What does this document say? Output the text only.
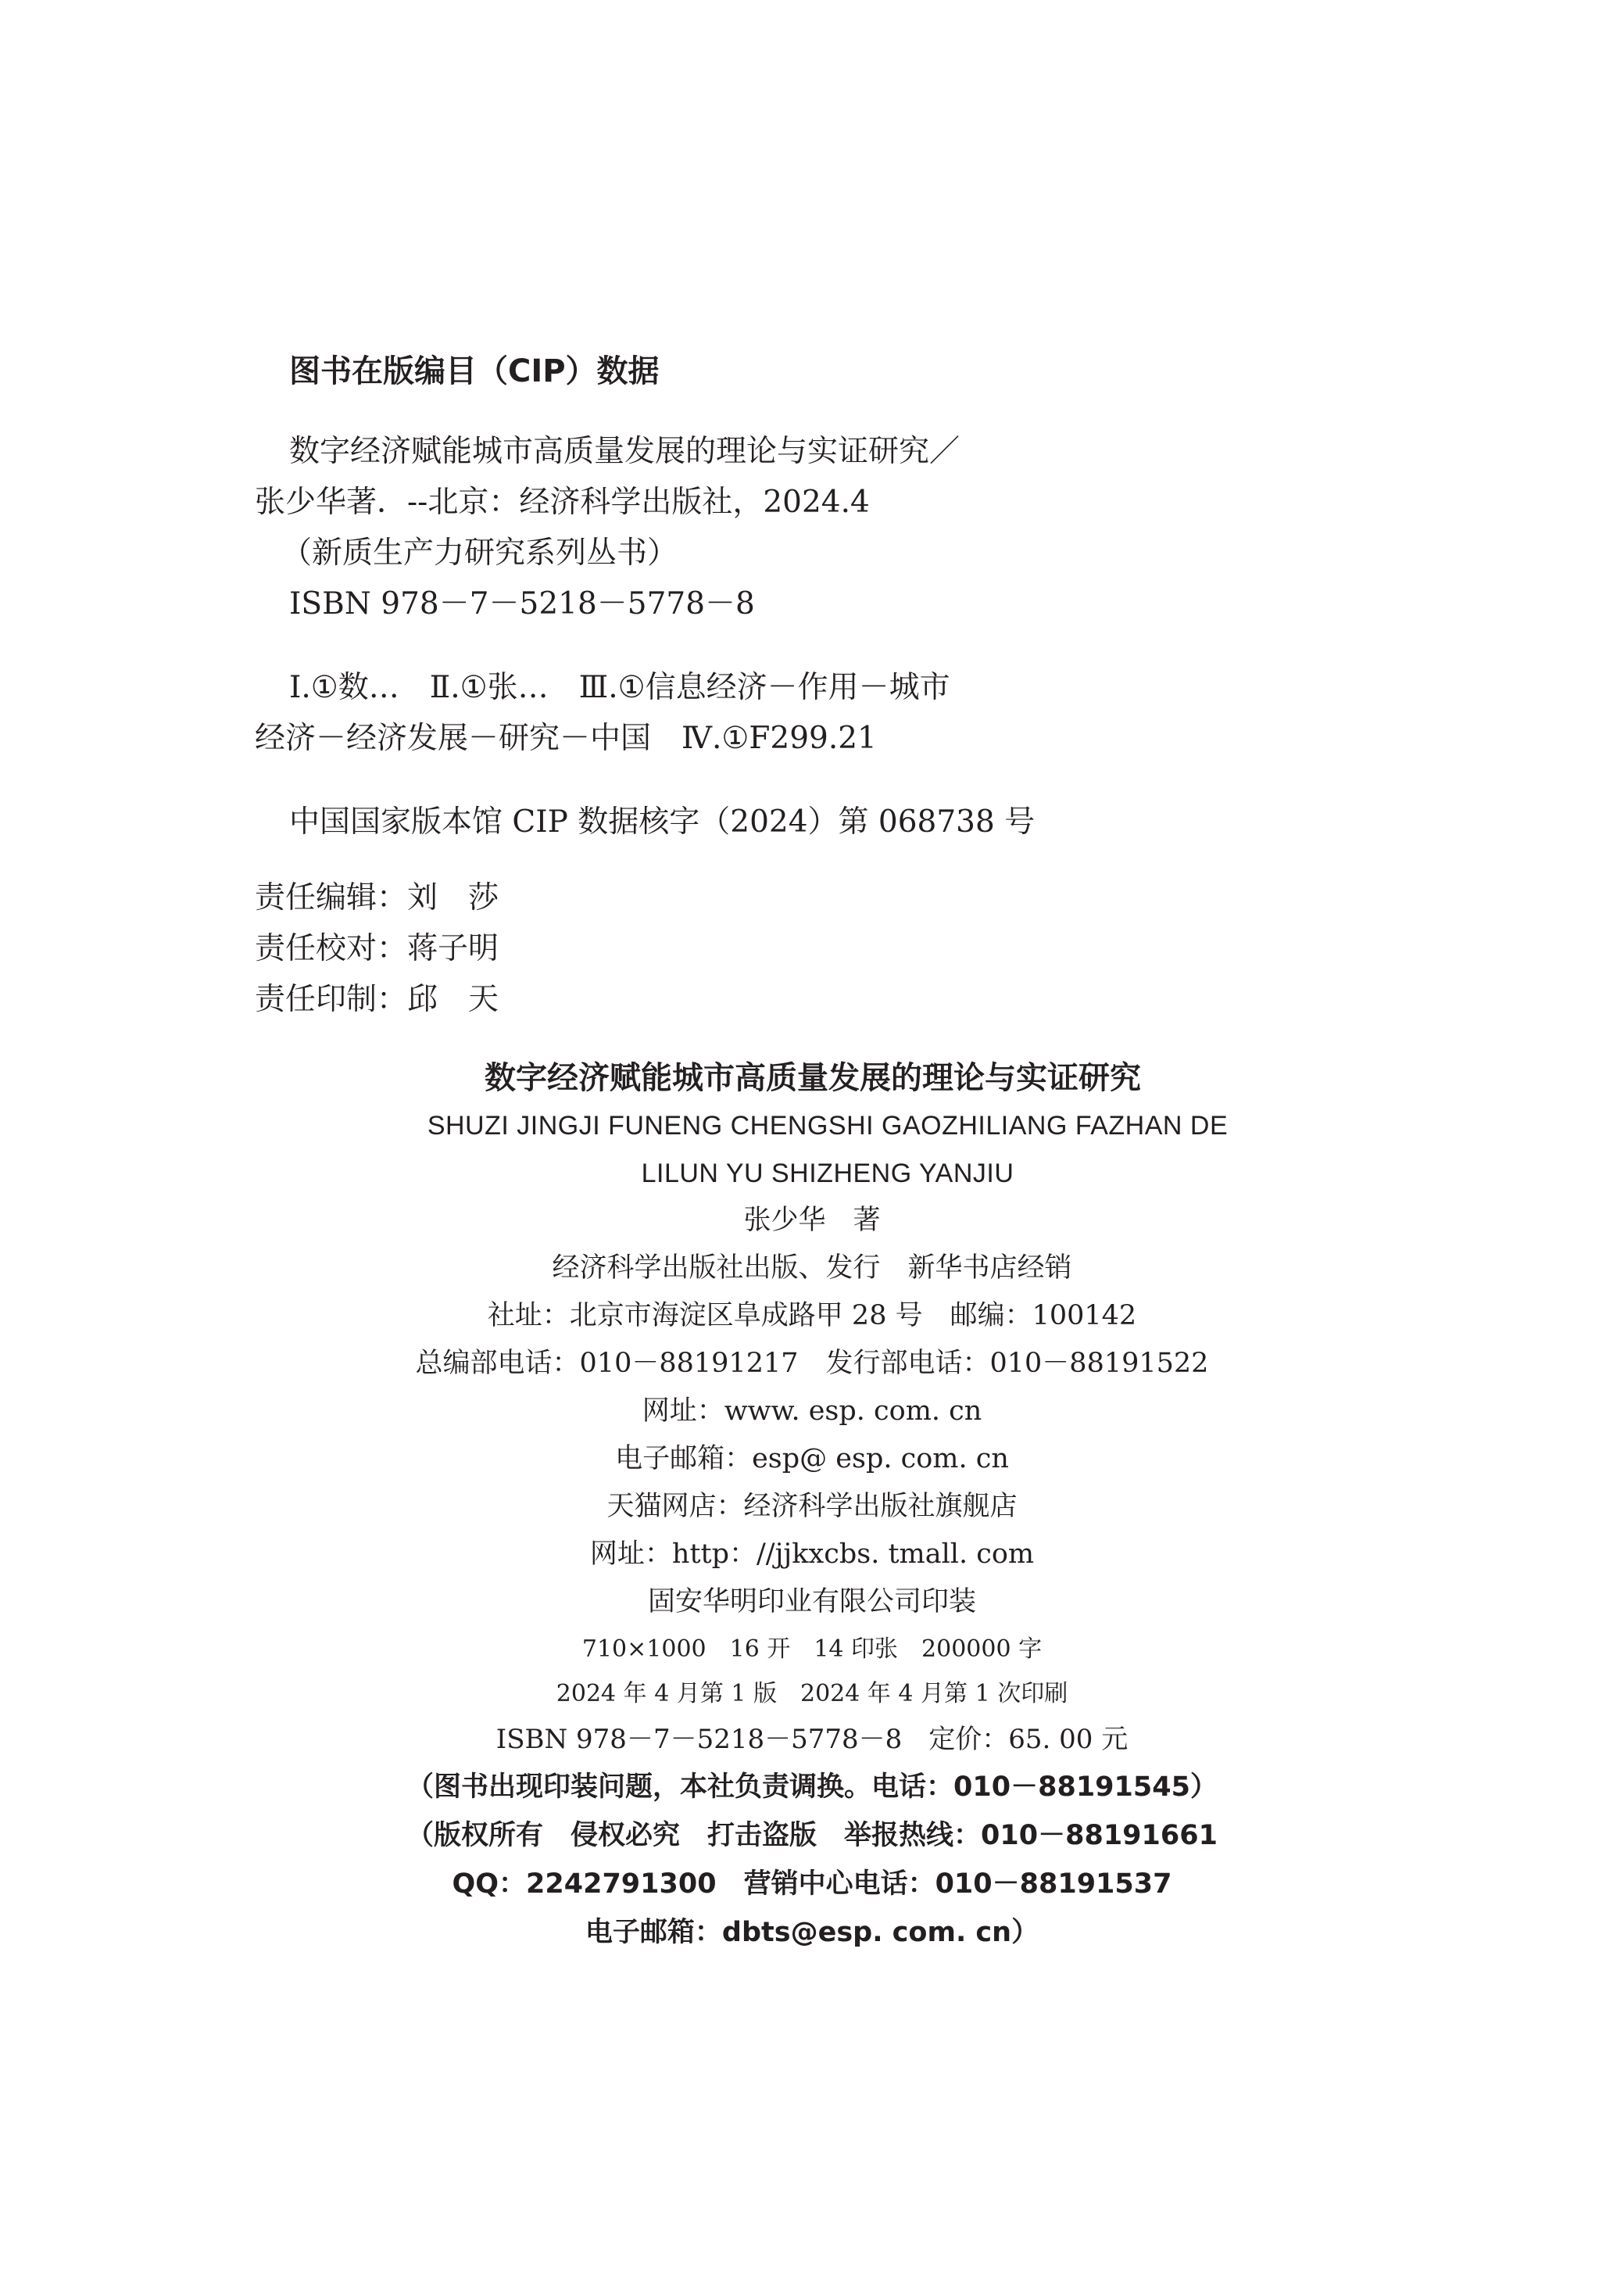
图书在版编目（CIP）数据
数字经济赋能城市高质量发展的理论与实证研究／
张少华著．--北京：经济科学出版社，2024.4
（新质生产力研究系列丛书）
ISBN 978－7－5218－5778－8
Ⅰ.①数…　Ⅱ.①张…　Ⅲ.①信息经济－作用－城市
经济－经济发展－研究－中国　Ⅳ.①F299.21
中国国家版本馆 CIP 数据核字（2024）第 068738 号
责任编辑：刘　莎
责任校对：蒋子明
责任印制：邱　天
数字经济赋能城市高质量发展的理论与实证研究
SHUZI JINGJI FUNENG CHENGSHI GAOZHILIANG FAZHAN DE
LILUN YU SHIZHENG YANJIU
张少华　著
经济科学出版社出版、发行　新华书店经销
社址：北京市海淀区阜成路甲 28 号　邮编：100142
总编部电话：010－88191217　发行部电话：010－88191522
网址：www. esp. com. cn
电子邮箱：esp@ esp. com. cn
天猫网店：经济科学出版社旗舰店
网址：http：//jjkxcbs. tmall. com
固安华明印业有限公司印装
710×1000　16 开　14 印张　200000 字
2024 年 4 月第 1 版　2024 年 4 月第 1 次印刷
ISBN 978－7－5218－5778－8　定价：65. 00 元
（图书出现印装问题，本社负责调换。电话：010－88191545）
（版权所有　侵权必究　打击盗版　举报热线：010－88191661
QQ：2242791300　营销中心电话：010－88191537
电子邮箱：dbts@esp. com. cn）
